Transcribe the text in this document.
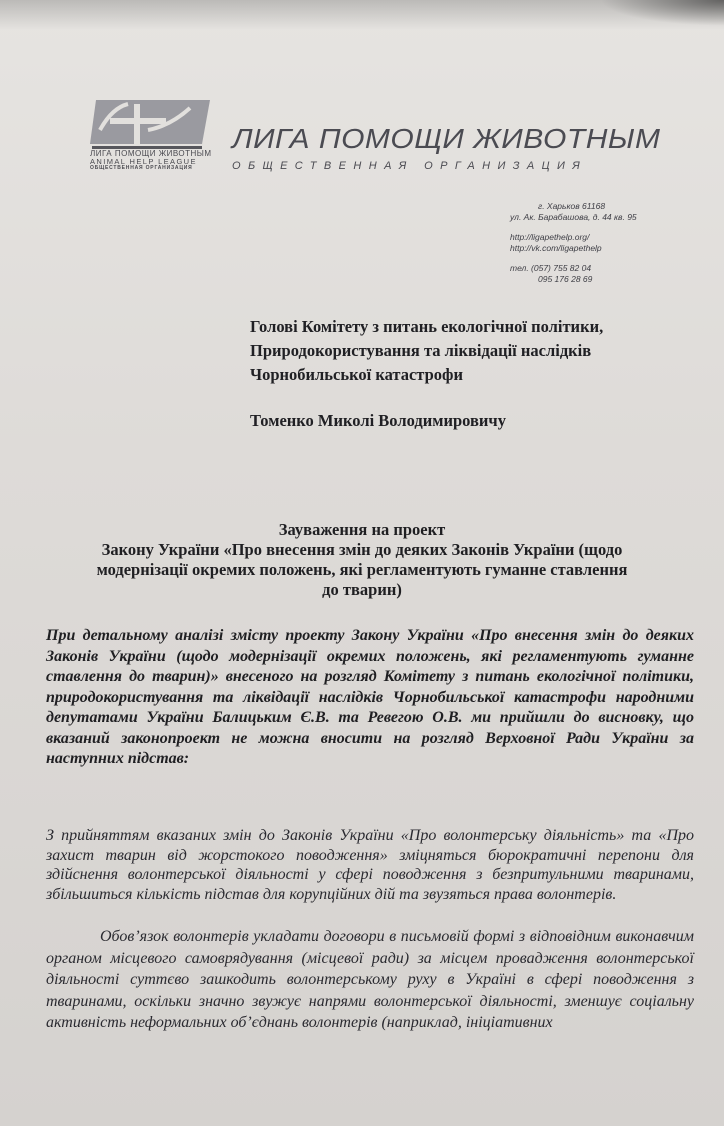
ЛИГА ПОМОЩИ ЖИВОТНЫМ
ANIMAL HELP LEAGUE
ОБЩЕСТВЕННАЯ ОРГАНИЗАЦИЯ
ЛИГА ПОМОЩИ ЖИВОТНЫМ
ОБЩЕСТВЕННАЯ ОРГАНИЗАЦИЯ
г. Харьков 61168
ул. Ак. Барабашова, д. 44 кв. 95
http://ligapethelp.org/
http://vk.com/ligapethelp
тел. (057) 755 82 04
095 176 28 69
Голові Комітету з питань екологічної політики,
Природокористування та ліквідації наслідків
Чорнобильської катастрофи
Томенко Миколі Володимировичу
Зауваження на проект
Закону України «Про внесення змін до деяких Законів України (щодо
модернізації окремих положень, які регламентують гуманне ставлення
до тварин)
При детальному аналізі змісту проекту Закону України «Про внесення змін до деяких Законів України (щодо модернізації окремих положень, які регламентують гуманне ставлення до тварин)» внесеного на розгляд Комітету з питань екологічної політики, природокористування та ліквідації наслідків Чорнобильської катастрофи народними депутатами України Балицьким Є.В. та Ревегою О.В. ми прийшли до висновку, що вказаний законопроект не можна вносити на розгляд Верховної Ради України за наступних підстав:
З прийняттям вказаних змін до Законів України «Про волонтерську діяльність» та «Про захист тварин від жорстокого поводження» зміцняться бюрократичні перепони для здійснення волонтерської діяльності у сфері поводження з безпритульними тваринами, збільшиться кількість підстав для корупційних дій та звузяться права волонтерів.
Обов’язок волонтерів укладати договори в письмовій формі з відповідним виконавчим органом місцевого самоврядування (місцевої ради) за місцем провадження волонтерської діяльності суттєво зашкодить волонтерському руху в Україні в сфері поводження з тваринами, оскільки значно звужує напрями волонтерської діяльності, зменшує соціальну активність неформальних об’єднань волонтерів (наприклад, ініціативних
